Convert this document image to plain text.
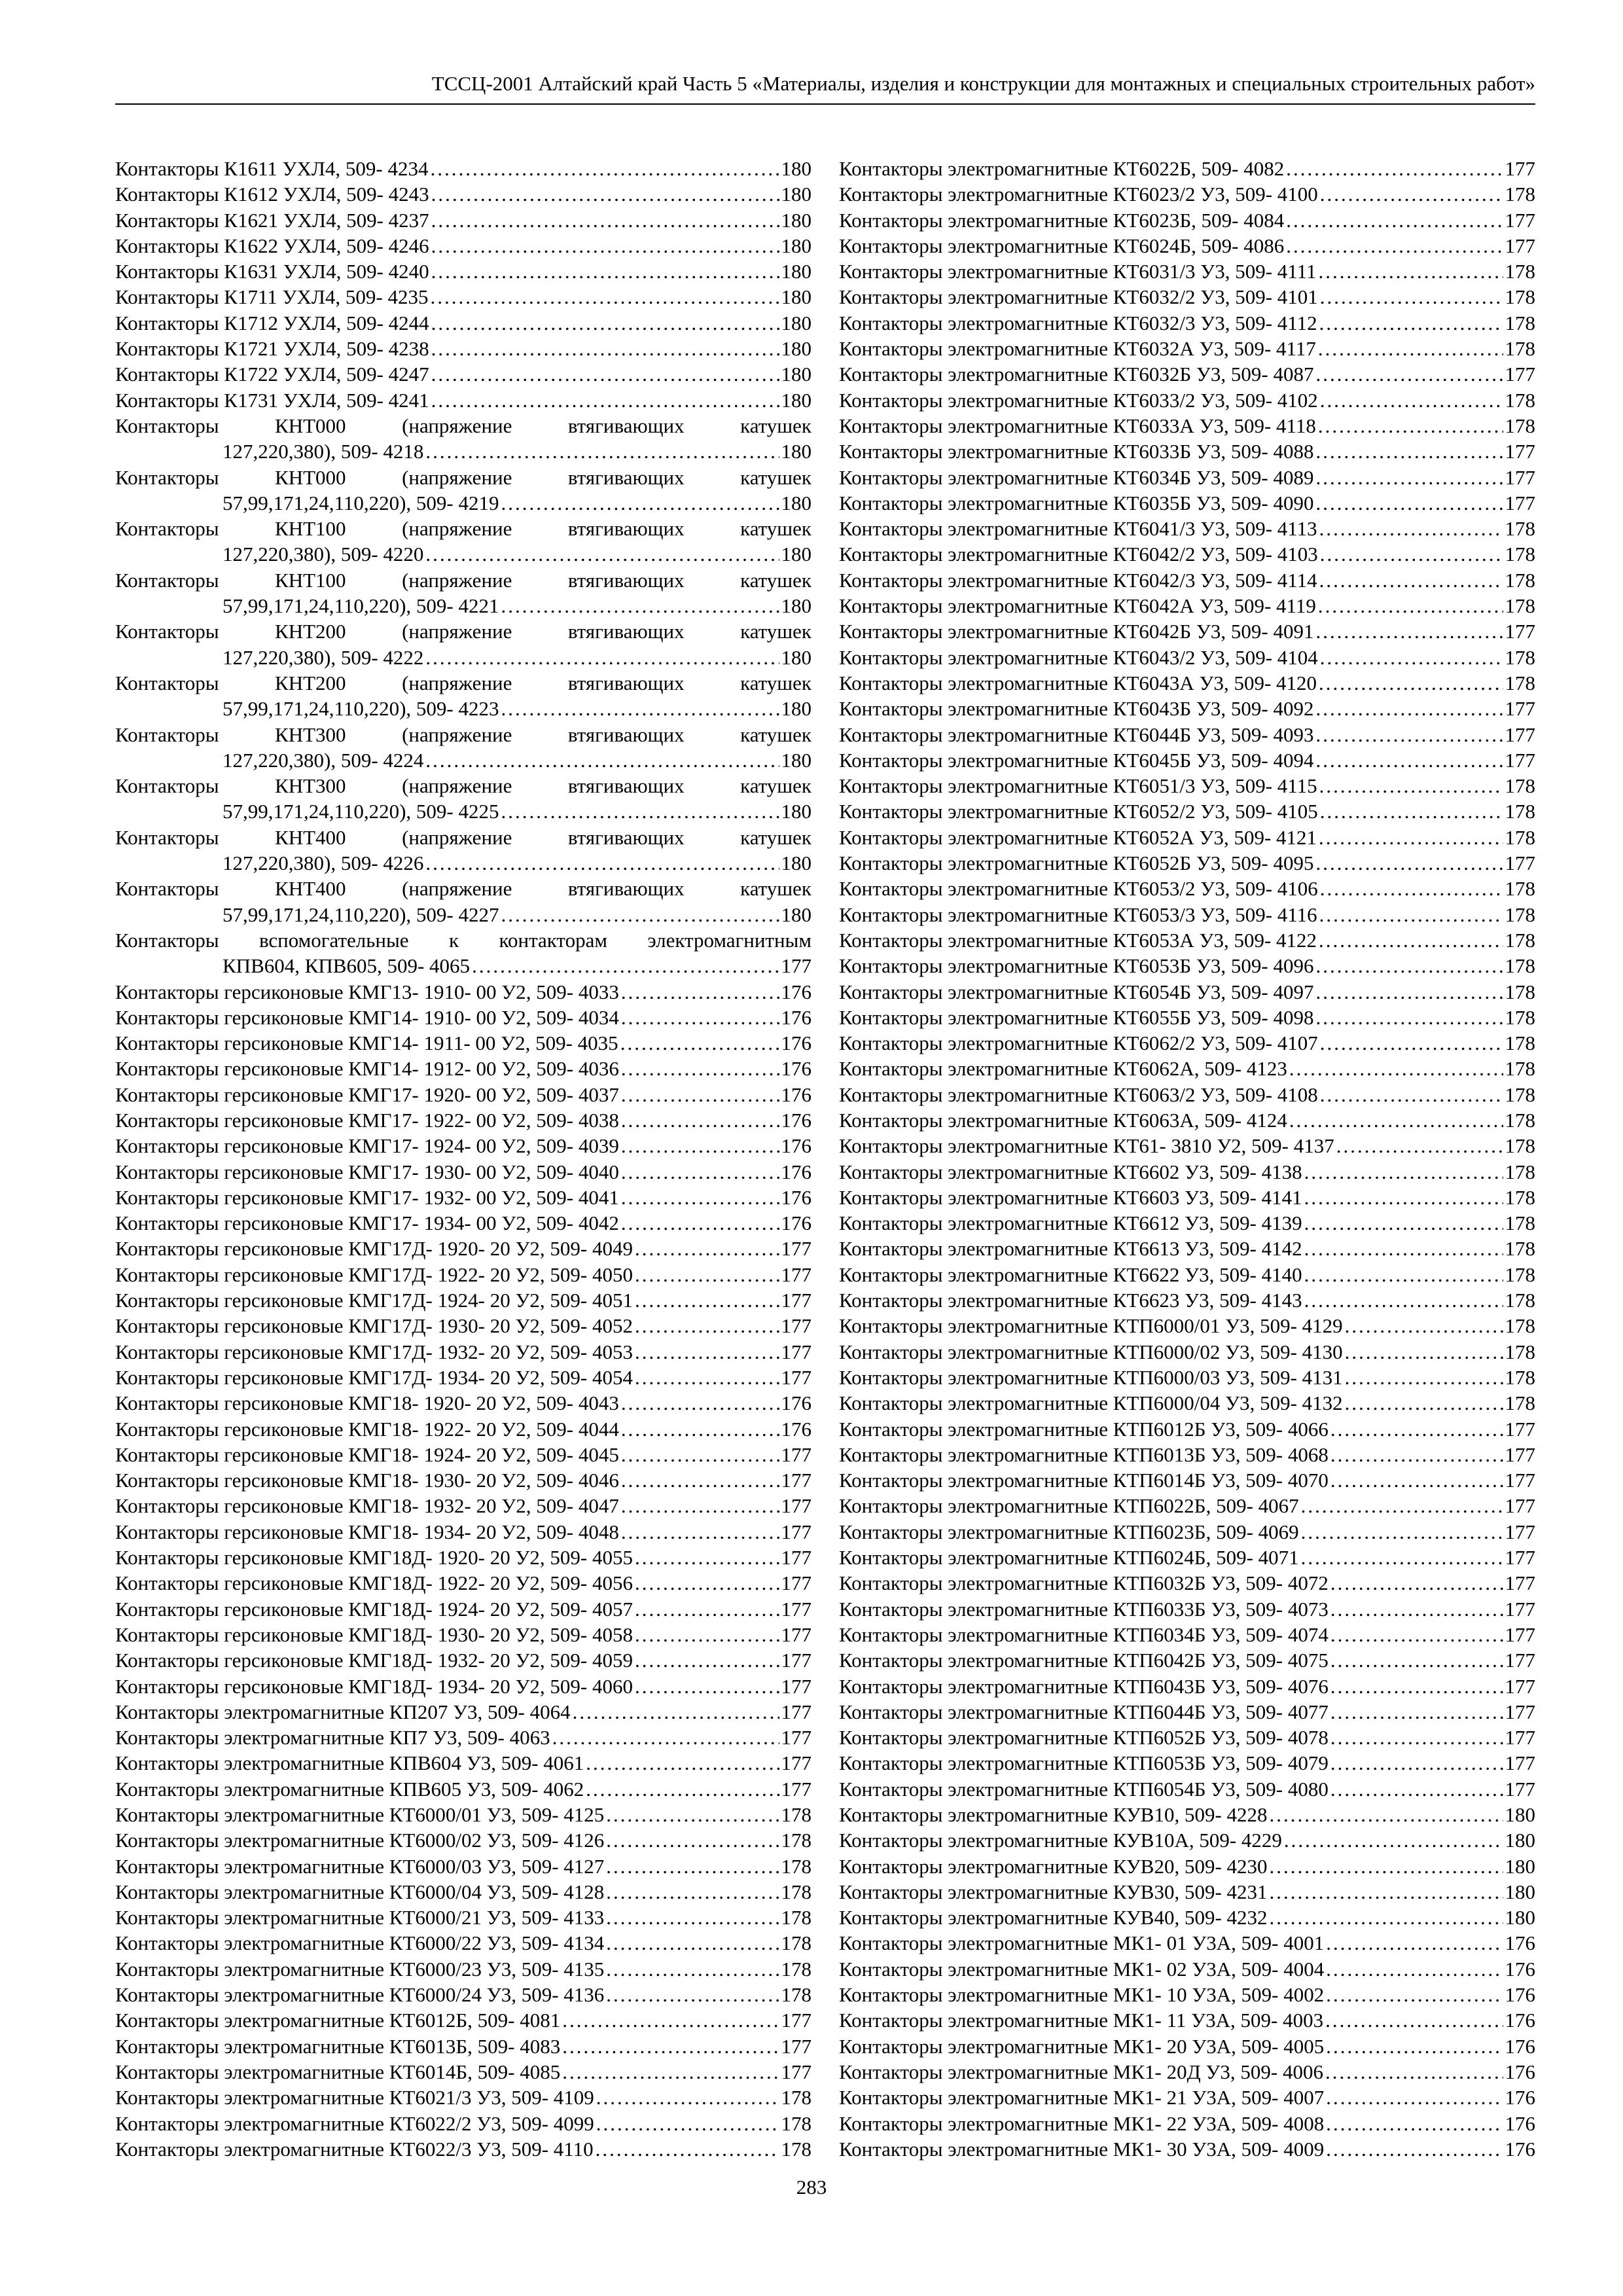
ТССЦ-2001 Алтайский край Часть 5 «Материалы, изделия и конструкции для монтажных и специальных строительных работ»
Контакторы К1611 УХЛ4, 509- 4234 .....	180
Контакторы К1612 УХЛ4, 509- 4243 .....	180
Контакторы К1621 УХЛ4, 509- 4237 .....	180
Контакторы К1622 УХЛ4, 509- 4246 .....	180
Контакторы К1631 УХЛ4, 509- 4240 .....	180
Контакторы К1711 УХЛ4, 509- 4235 .....	180
Контакторы К1712 УХЛ4, 509- 4244 .....	180
Контакторы К1721 УХЛ4, 509- 4238 .....	180
Контакторы К1722 УХЛ4, 509- 4247 .....	180
Контакторы К1731 УХЛ4, 509- 4241 .....	180
Контакторы	КНТ000	(напряжение	втягивающих	катушек
127,220,380), 509- 4218 .....	180
Контакторы	КНТ000	(напряжение	втягивающих	катушек
57,99,171,24,110,220), 509- 4219 .....	180
Контакторы	КНТ100	(напряжение	втягивающих	катушек
127,220,380), 509- 4220 .....	180
Контакторы	КНТ100	(напряжение	втягивающих	катушек
57,99,171,24,110,220), 509- 4221 .....	180
Контакторы	КНТ200	(напряжение	втягивающих	катушек
127,220,380), 509- 4222 .....	180
Контакторы	КНТ200	(напряжение	втягивающих	катушек
57,99,171,24,110,220), 509- 4223 .....	180
Контакторы	КНТ300	(напряжение	втягивающих	катушек
127,220,380), 509- 4224 .....	180
Контакторы	КНТ300	(напряжение	втягивающих	катушек
57,99,171,24,110,220), 509- 4225 .....	180
Контакторы	КНТ400	(напряжение	втягивающих	катушек
127,220,380), 509- 4226 .....	180
Контакторы	КНТ400	(напряжение	втягивающих	катушек
57,99,171,24,110,220), 509- 4227 .....	180
Контакторы вспомогательные к контакторам электромагнитным
КПВ604, КПВ605, 509- 4065 .....	177
Контакторы герсиконовые КМГ13- 1910- 00 У2, 509- 4033 .....	176
Контакторы герсиконовые КМГ14- 1910- 00 У2, 509- 4034 .....	176
Контакторы герсиконовые КМГ14- 1911- 00 У2, 509- 4035 .....	176
Контакторы герсиконовые КМГ14- 1912- 00 У2, 509- 4036 .....	176
Контакторы герсиконовые КМГ17- 1920- 00 У2, 509- 4037 .....	176
Контакторы герсиконовые КМГ17- 1922- 00 У2, 509- 4038 .....	176
Контакторы герсиконовые КМГ17- 1924- 00 У2, 509- 4039 .....	176
Контакторы герсиконовые КМГ17- 1930- 00 У2, 509- 4040 .....	176
Контакторы герсиконовые КМГ17- 1932- 00 У2, 509- 4041 .....	176
Контакторы герсиконовые КМГ17- 1934- 00 У2, 509- 4042 .....	176
Контакторы герсиконовые КМГ17Д- 1920- 20 У2, 509- 4049 .....	177
Контакторы герсиконовые КМГ17Д- 1922- 20 У2, 509- 4050 .....	177
Контакторы герсиконовые КМГ17Д- 1924- 20 У2, 509- 4051 .....	177
Контакторы герсиконовые КМГ17Д- 1930- 20 У2, 509- 4052 .....	177
Контакторы герсиконовые КМГ17Д- 1932- 20 У2, 509- 4053 .....	177
Контакторы герсиконовые КМГ17Д- 1934- 20 У2, 509- 4054 .....	177
Контакторы герсиконовые КМГ18- 1920- 20 У2, 509- 4043 .....	176
Контакторы герсиконовые КМГ18- 1922- 20 У2, 509- 4044 .....	176
Контакторы герсиконовые КМГ18- 1924- 20 У2, 509- 4045 .....	177
Контакторы герсиконовые КМГ18- 1930- 20 У2, 509- 4046 .....	177
Контакторы герсиконовые КМГ18- 1932- 20 У2, 509- 4047 .....	177
Контакторы герсиконовые КМГ18- 1934- 20 У2, 509- 4048 .....	177
Контакторы герсиконовые КМГ18Д- 1920- 20 У2, 509- 4055 .....	177
Контакторы герсиконовые КМГ18Д- 1922- 20 У2, 509- 4056 .....	177
Контакторы герсиконовые КМГ18Д- 1924- 20 У2, 509- 4057 .....	177
Контакторы герсиконовые КМГ18Д- 1930- 20 У2, 509- 4058 .....	177
Контакторы герсиконовые КМГ18Д- 1932- 20 У2, 509- 4059 .....	177
Контакторы герсиконовые КМГ18Д- 1934- 20 У2, 509- 4060 .....	177
Контакторы электромагнитные КП207 У3, 509- 4064 .....	177
Контакторы электромагнитные КП7 У3, 509- 4063 .....	177
Контакторы электромагнитные КПВ604 У3, 509- 4061 .....	177
Контакторы электромагнитные КПВ605 У3, 509- 4062 .....	177
Контакторы электромагнитные КТ6000/01 У3, 509- 4125 .....	178
Контакторы электромагнитные КТ6000/02 У3, 509- 4126 .....	178
Контакторы электромагнитные КТ6000/03 У3, 509- 4127 .....	178
Контакторы электромагнитные КТ6000/04 У3, 509- 4128 .....	178
Контакторы электромагнитные КТ6000/21 У3, 509- 4133 .....	178
Контакторы электромагнитные КТ6000/22 У3, 509- 4134 .....	178
Контакторы электромагнитные КТ6000/23 У3, 509- 4135 .....	178
Контакторы электромагнитные КТ6000/24 У3, 509- 4136 .....	178
Контакторы электромагнитные КТ6012Б, 509- 4081 .....	177
Контакторы электромагнитные КТ6013Б, 509- 4083 .....	177
Контакторы электромагнитные КТ6014Б, 509- 4085 .....	177
Контакторы электромагнитные КТ6021/3 У3, 509- 4109 .....	178
Контакторы электромагнитные КТ6022/2 У3, 509- 4099 .....	178
Контакторы электромагнитные КТ6022/3 У3, 509- 4110 .....	178
Контакторы электромагнитные КТ6022Б, 509- 4082 .....	177
Контакторы электромагнитные КТ6023/2 У3, 509- 4100 .....	178
Контакторы электромагнитные КТ6023Б, 509- 4084 .....	177
Контакторы электромагнитные КТ6024Б, 509- 4086 .....	177
Контакторы электромагнитные КТ6031/3 У3, 509- 4111 .....	178
Контакторы электромагнитные КТ6032/2 У3, 509- 4101 .....	178
Контакторы электромагнитные КТ6032/3 У3, 509- 4112 .....	178
Контакторы электромагнитные КТ6032А У3, 509- 4117 .....	178
Контакторы электромагнитные КТ6032Б У3, 509- 4087 .....	177
Контакторы электромагнитные КТ6033/2 У3, 509- 4102 .....	178
Контакторы электромагнитные КТ6033А У3, 509- 4118 .....	178
Контакторы электромагнитные КТ6033Б У3, 509- 4088 .....	177
Контакторы электромагнитные КТ6034Б У3, 509- 4089 .....	177
Контакторы электромагнитные КТ6035Б У3, 509- 4090 .....	177
Контакторы электромагнитные КТ6041/3 У3, 509- 4113 .....	178
Контакторы электромагнитные КТ6042/2 У3, 509- 4103 .....	178
Контакторы электромагнитные КТ6042/3 У3, 509- 4114 .....	178
Контакторы электромагнитные КТ6042А У3, 509- 4119 .....	178
Контакторы электромагнитные КТ6042Б У3, 509- 4091 .....	177
Контакторы электромагнитные КТ6043/2 У3, 509- 4104 .....	178
Контакторы электромагнитные КТ6043А У3, 509- 4120 .....	178
Контакторы электромагнитные КТ6043Б У3, 509- 4092 .....	177
Контакторы электромагнитные КТ6044Б У3, 509- 4093 .....	177
Контакторы электромагнитные КТ6045Б У3, 509- 4094 .....	177
Контакторы электромагнитные КТ6051/3 У3, 509- 4115 .....	178
Контакторы электромагнитные КТ6052/2 У3, 509- 4105 .....	178
Контакторы электромагнитные КТ6052А У3, 509- 4121 .....	178
Контакторы электромагнитные КТ6052Б У3, 509- 4095 .....	177
Контакторы электромагнитные КТ6053/2 У3, 509- 4106 .....	178
Контакторы электромагнитные КТ6053/3 У3, 509- 4116 .....	178
Контакторы электромагнитные КТ6053А У3, 509- 4122 .....	178
Контакторы электромагнитные КТ6053Б У3, 509- 4096 .....	178
Контакторы электромагнитные КТ6054Б У3, 509- 4097 .....	178
Контакторы электромагнитные КТ6055Б У3, 509- 4098 .....	178
Контакторы электромагнитные КТ6062/2 У3, 509- 4107 .....	178
Контакторы электромагнитные КТ6062А, 509- 4123 .....	178
Контакторы электромагнитные КТ6063/2 У3, 509- 4108 .....	178
Контакторы электромагнитные КТ6063А, 509- 4124 .....	178
Контакторы электромагнитные КТ61- 3810 У2, 509- 4137 .....	178
Контакторы электромагнитные КТ6602 У3, 509- 4138 .....	178
Контакторы электромагнитные КТ6603 У3, 509- 4141 .....	178
Контакторы электромагнитные КТ6612 У3, 509- 4139 .....	178
Контакторы электромагнитные КТ6613 У3, 509- 4142 .....	178
Контакторы электромагнитные КТ6622 У3, 509- 4140 .....	178
Контакторы электромагнитные КТ6623 У3, 509- 4143 .....	178
Контакторы электромагнитные КТП6000/01 У3, 509- 4129 .....	178
Контакторы электромагнитные КТП6000/02 У3, 509- 4130 .....	178
Контакторы электромагнитные КТП6000/03 У3, 509- 4131 .....	178
Контакторы электромагнитные КТП6000/04 У3, 509- 4132 .....	178
Контакторы электромагнитные КТП6012Б У3, 509- 4066 .....	177
Контакторы электромагнитные КТП6013Б У3, 509- 4068 .....	177
Контакторы электромагнитные КТП6014Б У3, 509- 4070 .....	177
Контакторы электромагнитные КТП6022Б, 509- 4067 .....	177
Контакторы электромагнитные КТП6023Б, 509- 4069 .....	177
Контакторы электромагнитные КТП6024Б, 509- 4071 .....	177
Контакторы электромагнитные КТП6032Б У3, 509- 4072 .....	177
Контакторы электромагнитные КТП6033Б У3, 509- 4073 .....	177
Контакторы электромагнитные КТП6034Б У3, 509- 4074 .....	177
Контакторы электромагнитные КТП6042Б У3, 509- 4075 .....	177
Контакторы электромагнитные КТП6043Б У3, 509- 4076 .....	177
Контакторы электромагнитные КТП6044Б У3, 509- 4077 .....	177
Контакторы электромагнитные КТП6052Б У3, 509- 4078 .....	177
Контакторы электромагнитные КТП6053Б У3, 509- 4079 .....	177
Контакторы электромагнитные КТП6054Б У3, 509- 4080 .....	177
Контакторы электромагнитные КУВ10, 509- 4228 .....	180
Контакторы электромагнитные КУВ10А, 509- 4229 .....	180
Контакторы электромагнитные КУВ20, 509- 4230 .....	180
Контакторы электромагнитные КУВ30, 509- 4231 .....	180
Контакторы электромагнитные КУВ40, 509- 4232 .....	180
Контакторы электромагнитные МК1- 01 У3А, 509- 4001 .....	176
Контакторы электромагнитные МК1- 02 У3А, 509- 4004 .....	176
Контакторы электромагнитные МК1- 10 У3А, 509- 4002 .....	176
Контакторы электромагнитные МК1- 11 У3А, 509- 4003 .....	176
Контакторы электромагнитные МК1- 20 У3А, 509- 4005 .....	176
Контакторы электромагнитные МК1- 20Д У3, 509- 4006 .....	176
Контакторы электромагнитные МК1- 21 У3А, 509- 4007 .....	176
Контакторы электромагнитные МК1- 22 У3А, 509- 4008 .....	176
Контакторы электромагнитные МК1- 30 У3А, 509- 4009 .....	176
283
